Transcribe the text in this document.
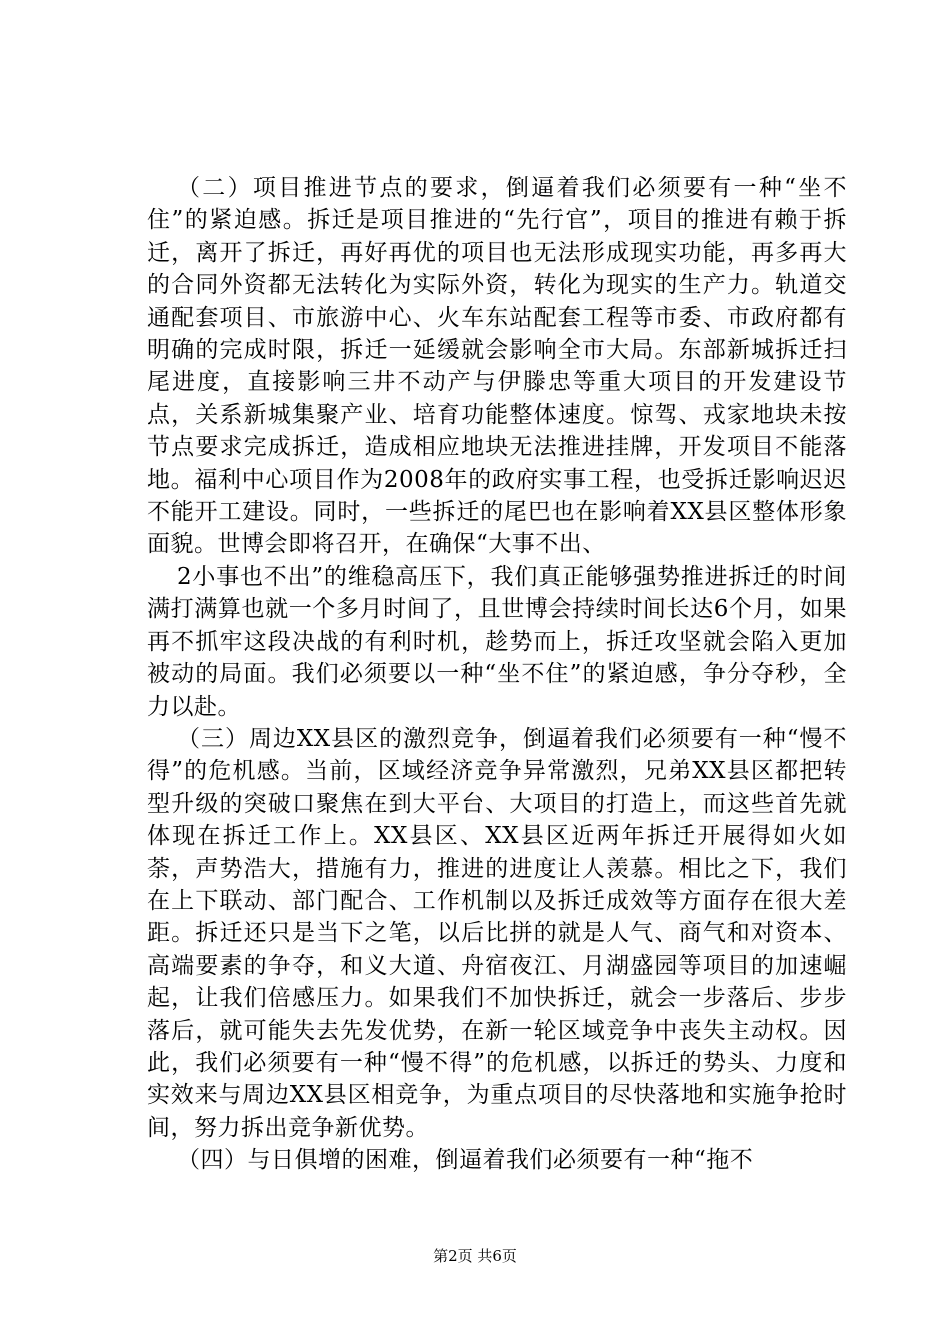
（二）项目推进节点的要求，倒逼着我们必须要有一种“坐不住”的紧迫感。拆迁是项目推进的“先行官”，项目的推进有赖于拆迁，离开了拆迁，再好再优的项目也无法形成现实功能，再多再大的合同外资都无法转化为实际外资，转化为现实的生产力。轨道交通配套项目、市旅游中心、火车东站配套工程等市委、市政府都有明确的完成时限，拆迁一延缓就会影响全市大局。东部新城拆迁扫尾进度，直接影响三井不动产与伊滕忠等重大项目的开发建设节点，关系新城集聚产业、培育功能整体速度。惊驾、戎家地块未按节点要求完成拆迁，造成相应地块无法推进挂牌，开发项目不能落地。福利中心项目作为2008年的政府实事工程，也受拆迁影响迟迟不能开工建设。同时，一些拆迁的尾巴也在影响着XX县区整体形象面貌。世博会即将召开，在确保“大事不出、

2小事也不出”的维稳高压下，我们真正能够强势推进拆迁的时间满打满算也就一个多月时间了，且世博会持续时间长达6个月，如果再不抓牢这段决战的有利时机，趁势而上，拆迁攻坚就会陷入更加被动的局面。我们必须要以一种“坐不住”的紧迫感，争分夺秒，全力以赴。

（三）周边XX县区的激烈竞争，倒逼着我们必须要有一种“慢不得”的危机感。当前，区域经济竞争异常激烈，兄弟XX县区都把转型升级的突破口聚焦在到大平台、大项目的打造上，而这些首先就体现在拆迁工作上。XX县区、XX县区近两年拆迁开展得如火如荼，声势浩大，措施有力，推进的进度让人羡慕。相比之下，我们在上下联动、部门配合、工作机制以及拆迁成效等方面存在很大差距。拆迁还只是当下之笔，以后比拼的就是人气、商气和对资本、高端要素的争夺，和义大道、舟宿夜江、月湖盛园等项目的加速崛起，让我们倍感压力。如果我们不加快拆迁，就会一步落后、步步落后，就可能失去先发优势，在新一轮区域竞争中丧失主动权。因此，我们必须要有一种“慢不得”的危机感，以拆迁的势头、力度和实效来与周边XX县区相竞争，为重点项目的尽快落地和实施争抢时间，努力拆出竞争新优势。

（四）与日俱增的困难，倒逼着我们必须要有一种“拖不

第2页 共6页
